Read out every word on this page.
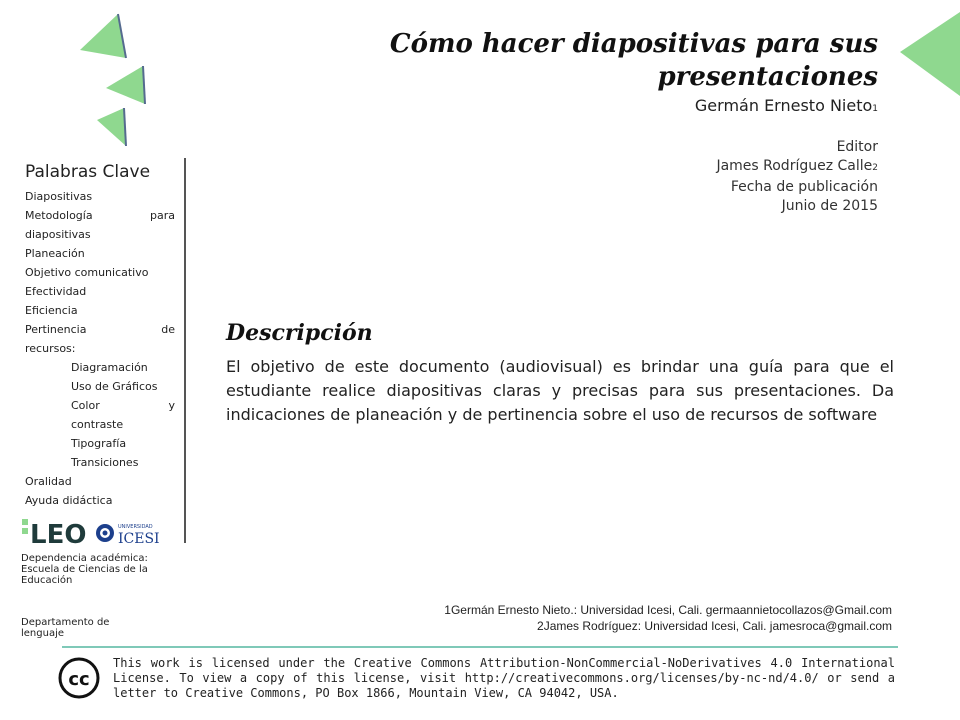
Cómo hacer diapositivas para sus presentaciones
Germán Ernesto Nieto1
Editor
James Rodríguez Calle2
Fecha de publicación
Junio de 2015
Palabras Clave
Diapositivas
Metodología	para
diapositivas
Planeación
Objetivo comunicativo
Efectividad
Eficiencia
Pertinencia	de
recursos:
Diagramación
Uso de Gráficos
Color	y
contraste
Tipografía
Transiciones
Oralidad
Ayuda didáctica
LEO	UNIVERSIDAD
ICESI
Dependencia académica: Escuela de Ciencias de la Educación
Departamento de lenguaje
Descripción
El objetivo de este documento (audiovisual) es brindar una guía para que el estudiante realice diapositivas claras y precisas para sus presentaciones. Da indicaciones de planeación y de pertinencia sobre el uso de recursos de software
1Germán Ernesto Nieto.: Universidad Icesi, Cali. germaannietocollazos@Gmail.com
2James Rodríguez: Universidad Icesi, Cali. jamesroca@gmail.com
cc
This work is licensed under the Creative Commons Attribution-NonCommercial-NoDerivatives 4.0 International License. To view a copy of this license, visit http://creativecommons.org/licenses/by-nc-nd/4.0/ or send a letter to Creative Commons, PO Box 1866, Mountain View, CA 94042, USA.
